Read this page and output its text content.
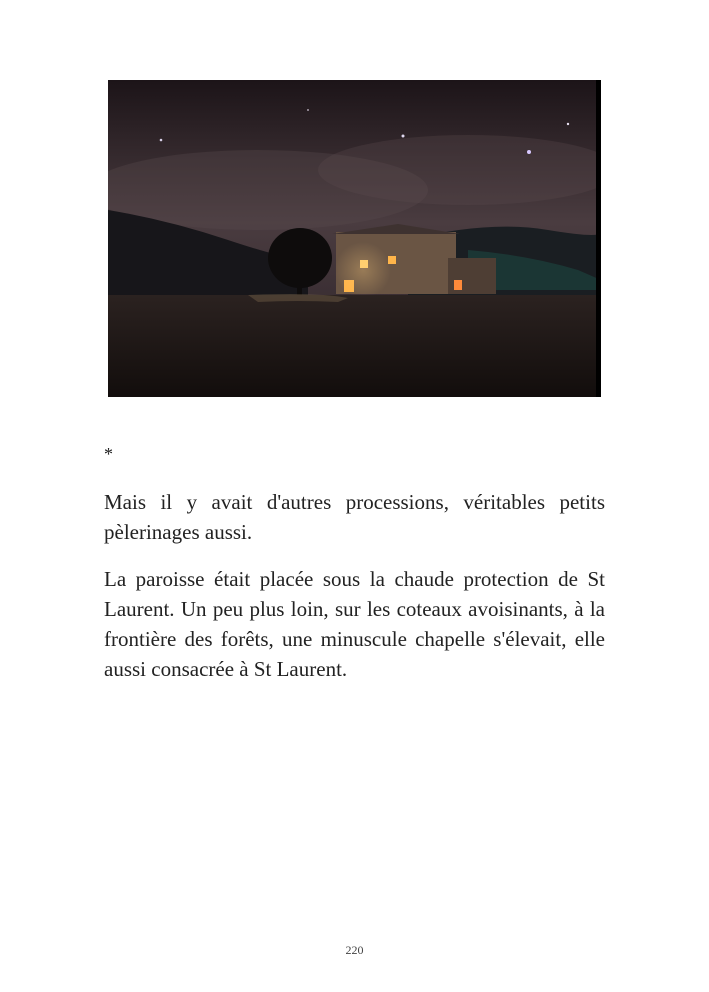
*

Mais il y avait d'autres processions, véritables petits pèlerinages aussi.

La paroisse était placée sous la chaude protection de St Laurent. Un peu plus loin, sur les coteaux avoisinants, à la frontière des forêts, une minuscule chapelle s'élevait, elle aussi consacrée à St Laurent.

220
